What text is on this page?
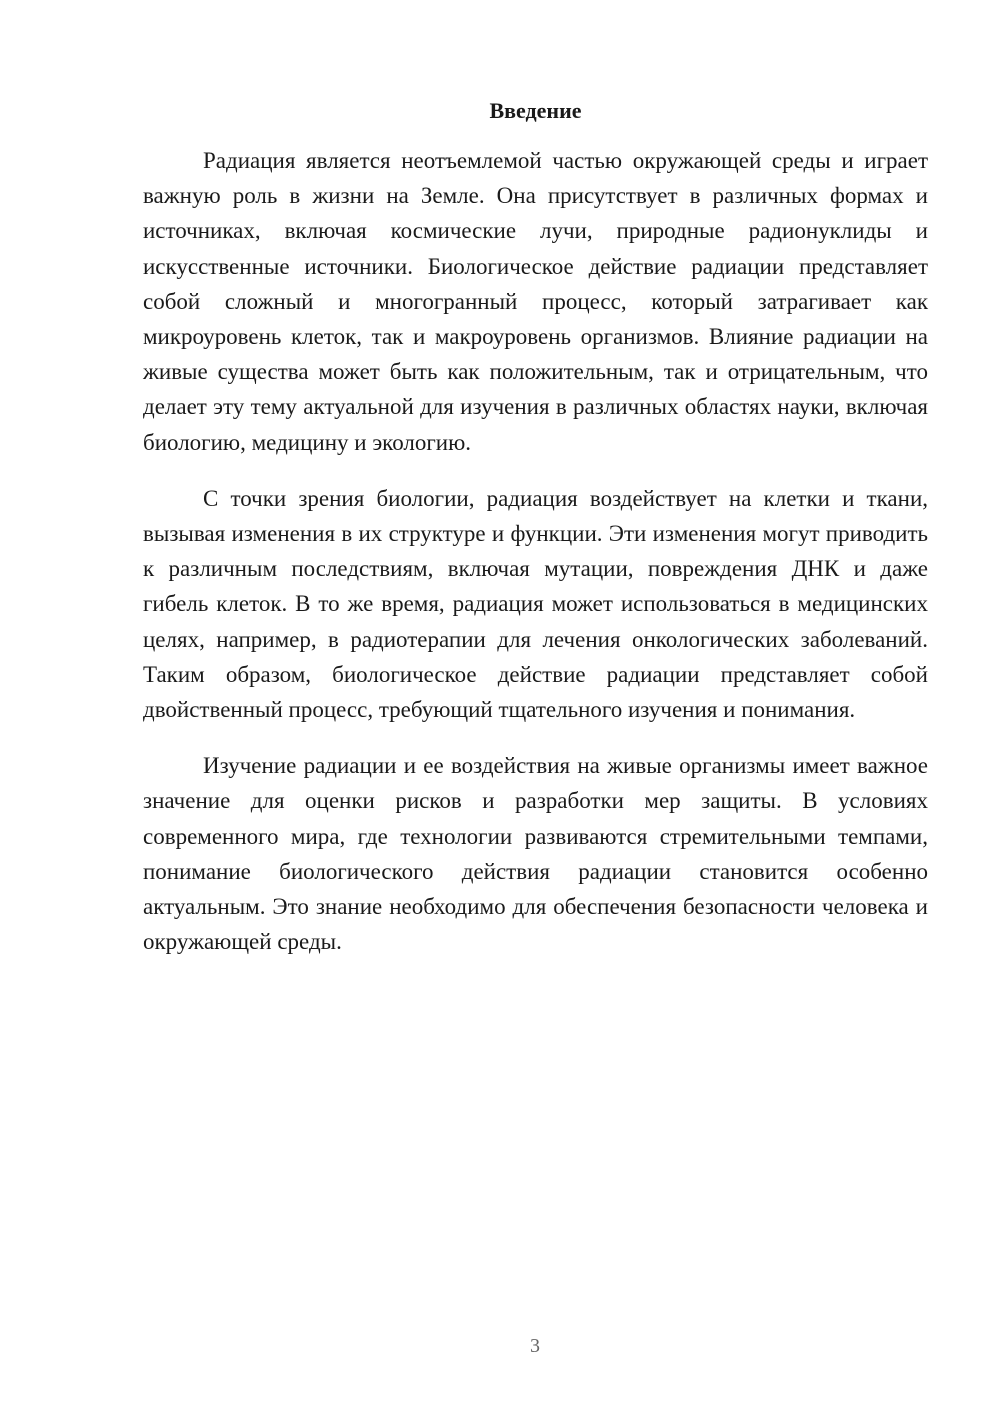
Введение

Радиация является неотъемлемой частью окружающей среды и играет важную роль в жизни на Земле. Она присутствует в различных формах и источниках, включая космические лучи, природные радионуклиды и искусственные источники. Биологическое действие радиации представляет собой сложный и многогранный процесс, который затрагивает как микроуровень клеток, так и макроуровень организмов. Влияние радиации на живые существа может быть как положительным, так и отрицательным, что делает эту тему актуальной для изучения в различных областях науки, включая биологию, медицину и экологию.

С точки зрения биологии, радиация воздействует на клетки и ткани, вызывая изменения в их структуре и функции. Эти изменения могут приводить к различным последствиям, включая мутации, повреждения ДНК и даже гибель клеток. В то же время, радиация может использоваться в медицинских целях, например, в радиотерапии для лечения онкологических заболеваний. Таким образом, биологическое действие радиации представляет собой двойственный процесс, требующий тщательного изучения и понимания.

Изучение радиации и ее воздействия на живые организмы имеет важное значение для оценки рисков и разработки мер защиты. В условиях современного мира, где технологии развиваются стремительными темпами, понимание биологического действия радиации становится особенно актуальным. Это знание необходимо для обеспечения безопасности человека и окружающей среды.

3
